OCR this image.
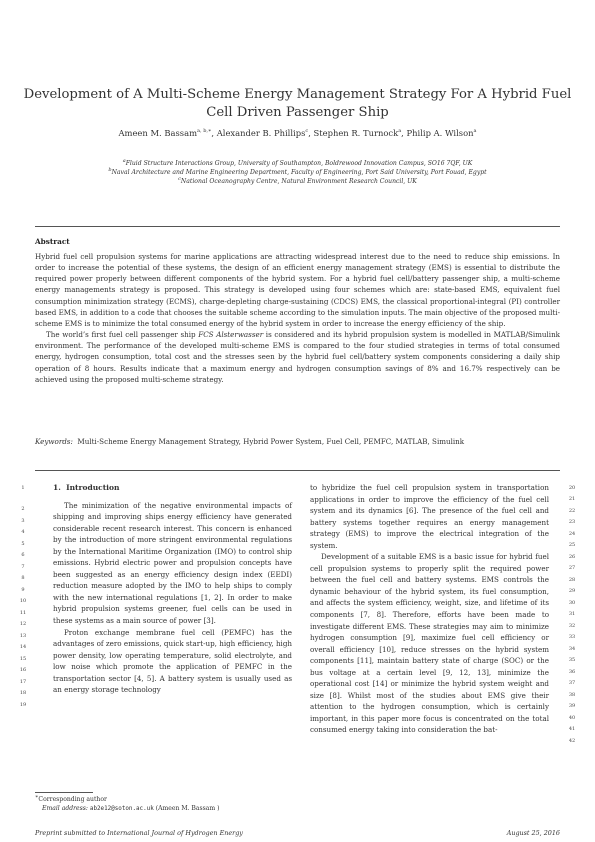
Development of A Multi-Scheme Energy Management Strategy For A Hybrid Fuel
Cell Driven Passenger Ship
Ameen M. Bassam$^{a, b,∗}$, Alexander B. Phillips$^c$, Stephen R. Turnock$^a$, Philip A. Wilson$^a$
$^a$Fluid Structure Interactions Group, University of Southampton, Boldrewood Innovation Campus, SO16 7QF, UK
$^b$Naval Architecture and Marine Engineering Department, Faculty of Engineering, Port Said University, Port Fouad, Egypt
$^c$National Oceanography Centre, Natural Environment Research Council, UK
Abstract

Hybrid fuel cell propulsion systems for marine applications are attracting widespread interest due to the need to reduce ship emissions. In order to increase the potential of these systems, the design of an efficient energy management strategy (EMS) is essential to distribute the required power properly between different components of the hybrid system. For a hybrid fuel cell/battery passenger ship, a multi-scheme energy managements strategy is proposed. This strategy is developed using four schemes which are: state-based EMS, equivalent fuel consumption minimization strategy (ECMS), charge-depleting charge-sustaining (CDCS) EMS, the classical proportional-integral (PI) controller based EMS, in addition to a code that chooses the suitable scheme according to the simulation inputs. The main objective of the proposed multi-scheme EMS is to minimize the total consumed energy of the hybrid system in order to increase the energy efficiency of the ship.

The world’s first fuel cell passenger ship FCS Alsterwasser is considered and its hybrid propulsion system is modelled in MATLAB/Simulink environment. The performance of the developed multi-scheme EMS is compared to the four studied strategies in terms of total consumed energy, hydrogen consumption, total cost and the stresses seen by the hybrid fuel cell/battery system components considering a daily ship operation of 8 hours. Results indicate that a maximum energy and hydrogen consumption savings of 8% and 16.7% respectively can be achieved using the proposed multi-scheme strategy.

Keywords: Multi-Scheme Energy Management Strategy, Hybrid Power System, Fuel Cell, PEMFC, MATLAB, Simulink
1. Introduction

The minimization of the negative environmental impacts of shipping and improving ships energy efficiency have generated considerable recent research interest. This concern is enhanced by the introduction of more stringent environmental regulations by the International Maritime Organization (IMO) to control ship emissions. Hybrid electric power and propulsion concepts have been suggested as an energy efficiency design index (EEDI) reduction measure adopted by the IMO to help ships to comply with the new international regulations [1, 2]. In order to make hybrid propulsion systems greener, fuel cells can be used in these systems as a main source of power [3].

Proton exchange membrane fuel cell (PEMFC) has the advantages of zero emissions, quick start-up, high efficiency, high power density, low operating temperature, solid electrolyte, and low noise which promote the application of PEMFC in the transportation sector [4, 5]. A battery system is usually used as an energy storage technology

to hybridize the fuel cell propulsion system in transportation applications in order to improve the efficiency of the fuel cell system and its dynamics [6]. The presence of the fuel cell and battery systems together requires an energy management strategy (EMS) to improve the electrical integration of the system.

Development of a suitable EMS is a basic issue for hybrid fuel cell propulsion systems to properly split the required power between the fuel cell and battery systems. EMS controls the dynamic behaviour of the hybrid system, its fuel consumption, and affects the system efficiency, weight, size, and lifetime of its components [7, 8]. Therefore, efforts have been made to investigate different EMS. These strategies may aim to minimize hydrogen consumption [9], maximize fuel cell efficiency or overall efficiency [10], reduce stresses on the hybrid system components [11], maintain battery state of charge (SOC) or the bus voltage at a certain level [9, 12, 13], minimize the operational cost [14] or minimize the hybrid system weight and size [8]. Whilst most of the studies about EMS give their attention to the hydrogen consumption, which is certainly important, in this paper more focus is concentrated on the total consumed energy taking into consideration the bat-

1
2
3
4
5
6
7
8
9
10
11
12
13
14
15
16
17
18
19
20
21
22
23
24
25
26
27
28
29
30
31
32
33
34
35
36
37
38
39
40
41
42
∗Corresponding author
Email address: ab2e12@soton.ac.uk (Ameen M. Bassam )
Preprint submitted to International Journal of Hydrogen Energy	August 25, 2016
